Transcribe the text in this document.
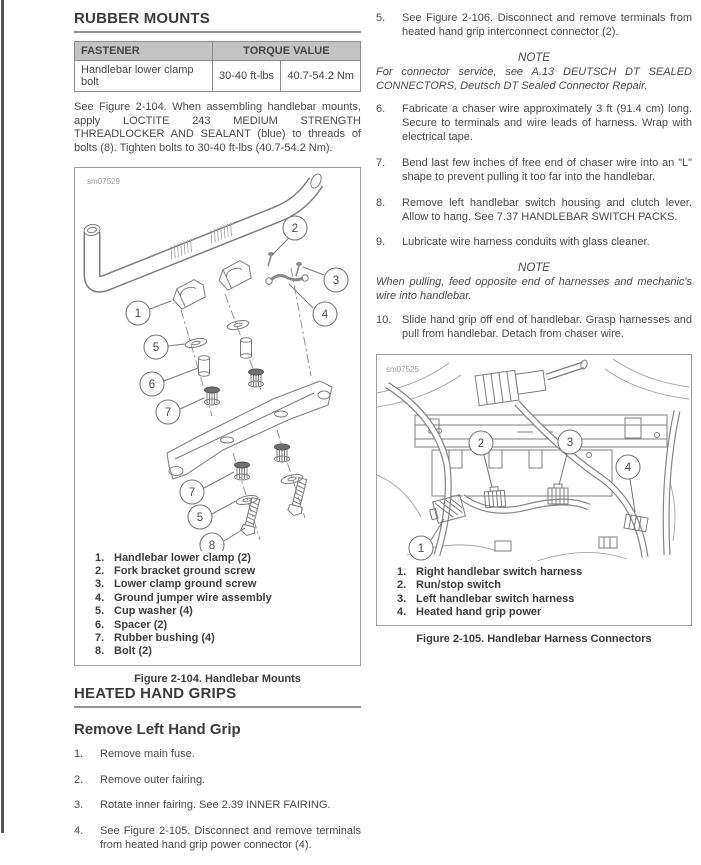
RUBBER MOUNTS
FASTENER	TORQUE VALUE	
Handlebar lower clamp bolt	30-40 ft-lbs	40.7-54.2 Nm

See Figure 2-104. When assembling handlebar mounts, apply LOCTITE 243 MEDIUM STRENGTH THREADLOCKER AND SEALANT (blue) to threads of bolts (8). Tighten bolts to 30-40 ft-lbs (40.7-54.2 Nm).

sm07529
2
3
1	4
5
6
7
7
5
8
1. Handlebar lower clamp (2)
2. Fork bracket ground screw
3. Lower clamp ground screw
4. Ground jumper wire assembly
5. Cup washer (4)
6. Spacer (2)
7. Rubber bushing (4)
8. Bolt (2)
Figure 2-104. Handlebar Mounts
HEATED HAND GRIPS
Remove Left Hand Grip
1.	Remove main fuse.
2.	Remove outer fairing.
3.	Rotate inner fairing. See 2.39 INNER FAIRING.
4.	See Figure 2-105. Disconnect and remove terminals from heated hand grip power connector (4).
5.	See Figure 2-106. Disconnect and remove terminals from heated hand grip interconnect connector (2).
NOTE
For connector service, see A.13 DEUTSCH DT SEALED CONNECTORS, Deutsch DT Sealed Connector Repair.
6.	Fabricate a chaser wire approximately 3 ft (91.4 cm) long. Secure to terminals and wire leads of harness. Wrap with electrical tape.
7.	Bend last few inches of free end of chaser wire into an "L" shape to prevent pulling it too far into the handlebar.
8.	Remove left handlebar switch housing and clutch lever. Allow to hang. See 7.37 HANDLEBAR SWITCH PACKS.
9.	Lubricate wire harness conduits with glass cleaner.
NOTE
When pulling, feed opposite end of harnesses and mechanic's wire into handlebar.
10. Slide hand grip off end of handlebar. Grasp harnesses and pull from handlebar. Detach from chaser wire.
sm07525
2	3
4
1
1. Right handlebar switch harness
2. Run/stop switch
3. Left handlebar switch harness
4. Heated hand grip power
Figure 2-105. Handlebar Harness Connectors
